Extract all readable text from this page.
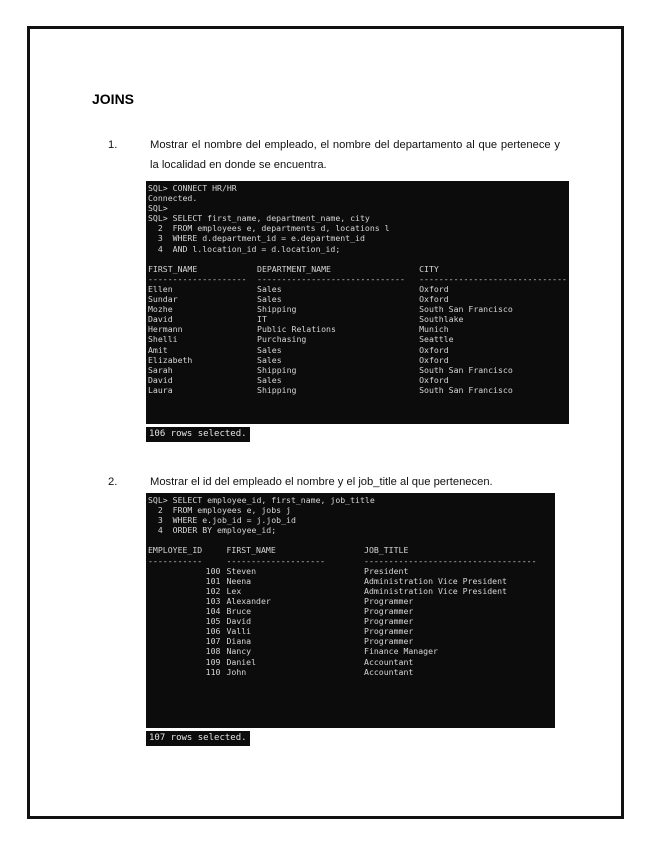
JOINS
1.	Mostrar el nombre del empleado, el nombre del departamento al que pertenece y la localidad en donde se encuentra.
SQL> CONNECT HR/HR
Connected.
SQL>
SQL> SELECT first_name, department_name, city
2  FROM employees e, departments d, locations l
3  WHERE d.department_id = e.department_id
4  AND l.location_id = d.location_id;

FIRST_NAME	DEPARTMENT_NAME	CITY
--------------------	------------------------------	------------------------------
Ellen	Sales	Oxford
Sundar	Sales	Oxford
Mozhe	Shipping	South San Francisco
David	IT	Southlake
Hermann	Public Relations	Munich
Shelli	Purchasing	Seattle
Amit	Sales	Oxford
Elizabeth	Sales	Oxford
Sarah	Shipping	South San Francisco
David	Sales	Oxford
Laura	Shipping	South San Francisco
106 rows selected.
2.	Mostrar el id del empleado el nombre y el job_title al que pertenecen.
SQL> SELECT employee_id, first_name, job_title
2  FROM employees e, jobs j
3  WHERE e.job_id = j.job_id
4  ORDER BY employee_id;

EMPLOYEE_ID	FIRST_NAME	JOB_TITLE
-----------	--------------------	-----------------------------------
100	Steven	President
101	Neena	Administration Vice President
102	Lex	Administration Vice President
103	Alexander	Programmer
104	Bruce	Programmer
105	David	Programmer
106	Valli	Programmer
107	Diana	Programmer
108	Nancy	Finance Manager
109	Daniel	Accountant
110	John	Accountant
107 rows selected.
